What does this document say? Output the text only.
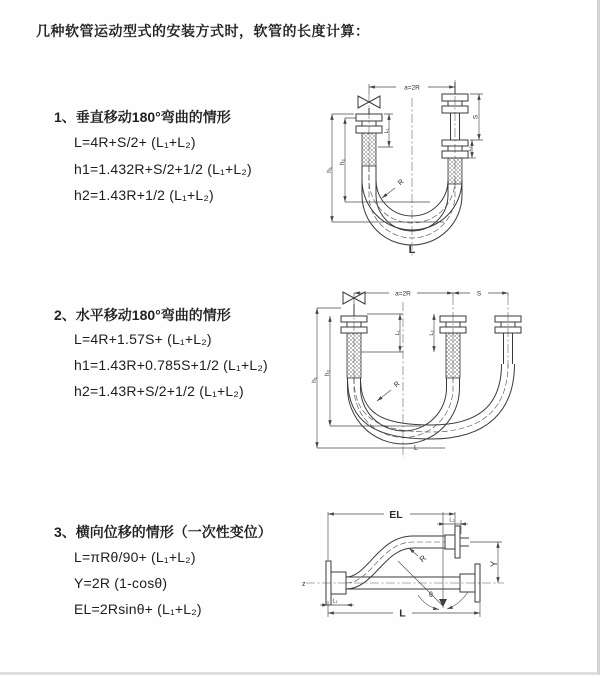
几种软管运动型式的安装方式时，软管的长度计算：
1、垂直移动180°弯曲的情形
L=4R+S/2+ (L₁+L₂)
h1=1.432R+S/2+1/2 (L₁+L₂)
h2=1.43R+1/2 (L₁+L₂)
2、水平移动180°弯曲的情形
L=4R+1.57S+ (L₁+L₂)
h1=1.43R+0.785S+1/2 (L₁+L₂)
h2=1.43R+S/2+1/2 (L₁+L₂)
3、横向位移的情形（一次性变位）
L=πRθ/90+ (L₁+L₂)
Y=2R (1-cosθ)
EL=2Rsinθ+ (L₁+L₂)
a=2R
S
L₂
L₁
h₁
h₂
R
L
a=2R	S
h₁
h₂
L₁	L₂
R
L
z
EL	L₂
Y
θ
R
L
L₁
